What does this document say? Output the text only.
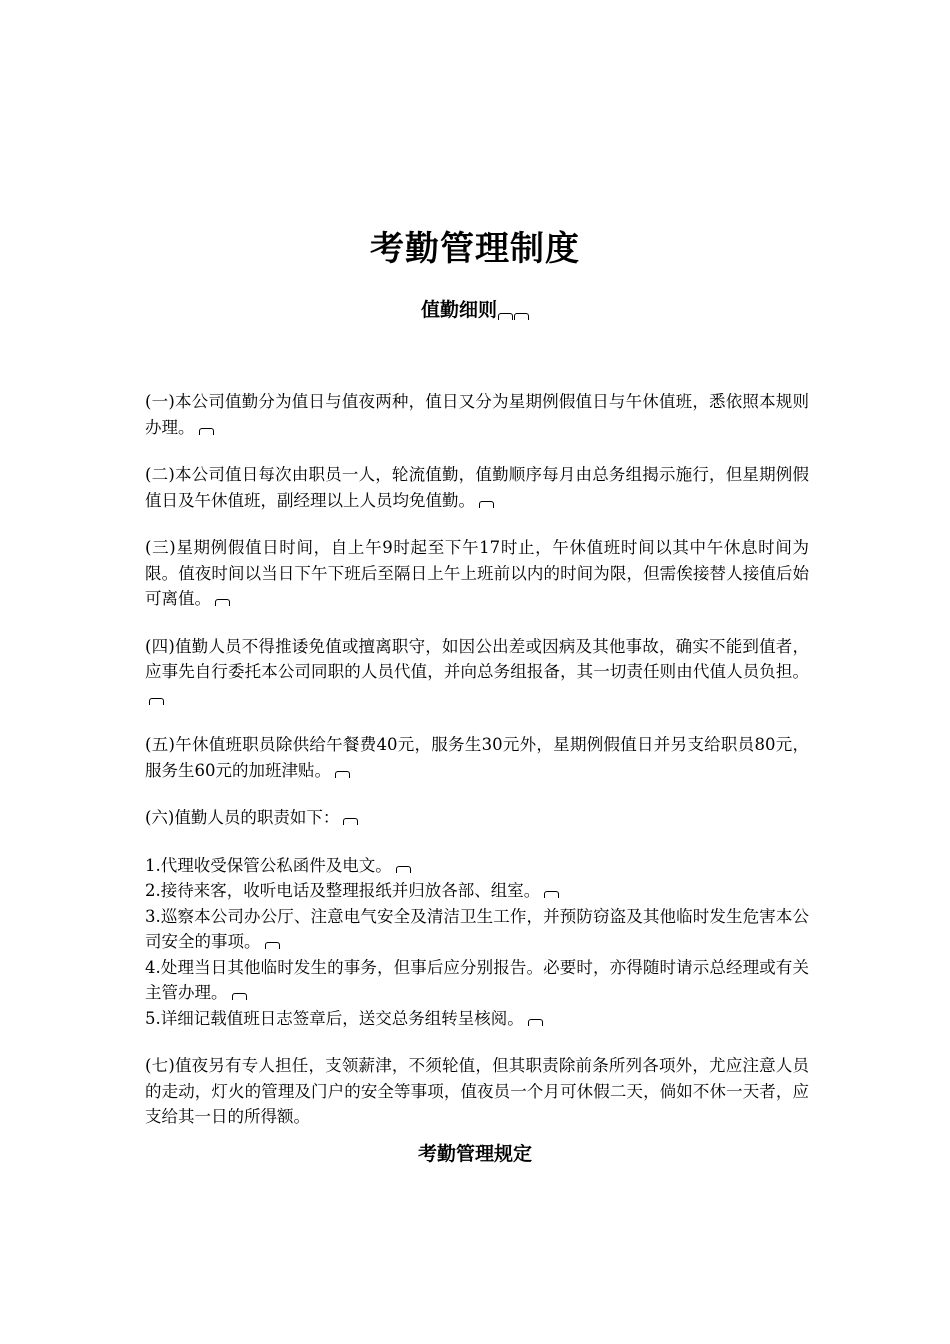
考勤管理制度
值勤细则

(一)本公司值勤分为值日与值夜两种，值日又分为星期例假值日与午休值班，悉依照本规则办理。

(二)本公司值日每次由职员一人，轮流值勤，值勤顺序每月由总务组揭示施行，但星期例假值日及午休值班，副经理以上人员均免值勤。

(三)星期例假值日时间，自上午9时起至下午17时止，午休值班时间以其中午休息时间为限。值夜时间以当日下午下班后至隔日上午上班前以内的时间为限，但需俟接替人接值后始可离值。

(四)值勤人员不得推诿免值或擅离职守，如因公出差或因病及其他事故，确实不能到值者，应事先自行委托本公司同职的人员代值，并向总务组报备，其一切责任则由代值人员负担。

(五)午休值班职员除供给午餐费40元，服务生30元外，星期例假值日并另支给职员80元，服务生60元的加班津贴。

(六)值勤人员的职责如下：

1.代理收受保管公私函件及电文。

2.接待来客，收听电话及整理报纸并归放各部、组室。

3.巡察本公司办公厅、注意电气安全及清洁卫生工作，并预防窃盗及其他临时发生危害本公司安全的事项。

4.处理当日其他临时发生的事务，但事后应分别报告。必要时，亦得随时请示总经理或有关主管办理。

5.详细记载值班日志签章后，送交总务组转呈核阅。

(七)值夜另有专人担任，支领薪津，不须轮值，但其职责除前条所列各项外，尤应注意人员的走动，灯火的管理及门户的安全等事项，值夜员一个月可休假二天，倘如不休一天者，应支给其一日的所得额。

考勤管理规定
